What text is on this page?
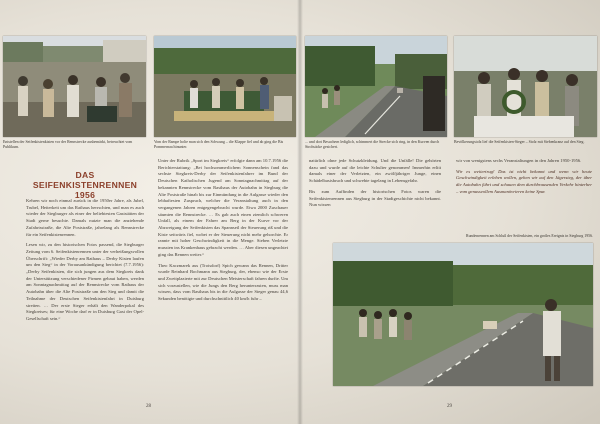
Entstellen der Seifenkistenkisten vor der Rennstrecke ausbemärkt, betreuchtet vom Publikum.
Vom der Rampe holte man sich den Schwung – die Klappe fiel und ab ging die Bis Pommernaa hinunter.
... und dort Besuchern lediglich, schimmert die Strecke sich ring, in den Kurven durch Strohsäcke gesichert.
Bevölkerungstolz lief die Seifenkisten-Sieger – Stolz mit Siebenkranz auf den Sieg.
Rundenrennen am Schluß der Seifenkisten, ein großes Ereignis in Siegburg 1956.
DAS SEIFENKISTENRENNEN
1956

Kehren wir noch einmal zurück in die 1950er Jahre, als Jubel, Trubel, Heiterkeit um das Rathaus herrschten, und man es auch wieder der Siegburger als einer der beliebtesten Gaststätten der Stadt gerne besuchte. Damals nutzte man die anziehende Zufahrtsstraße, die Alte Poststraße, jahrelang als Rennstrecke für ein Seifenkistenrennen.

Lesen wir, zu den historischen Fotos passend, die Siegburger Zeitung vom 6. Seifenkistenrennen unter der verheißungsvollen Überschrift: „Wieder Derby am Rathaus – Derby Kisten laufen um den Sieg“ in der Vorausankündigung berichtet (7.7.1956): „Derby Seifenkisten, die sich jungen aus dem Siegkreis dank der Unterstützung verschiedener Firmen gebaut haben, werden am Sonntagnachmittag auf der Rennstrecke vom Rathaus der Autobahn über die Alte Poststraße um den Sieg und damit die Teilnahme der Deutschen Seifenkistenfahrt in Duisburg streiten. … Der erste Sieger erhält den Wanderpokal des Siegkreises; für eine Woche darf er in Duisburg Gast der Opel-Gesellschaft sein.“

Unter der Rubrik „Sport im Siegkreis“ erfolgte dann am 10.7.1956 die Berichterstattung: „Bei hochsommerlichem Sonnenschein fand das sechste Siegkreis-Derby der Seifenkistenfahrer im Bund der Deutschen Katholischen Jugend am Sonntagnachmittag auf der bekannten Rennstrecke vom Rasthaus der Autobahn in Siegburg die Alte Poststraße hinab bis zur Einmündung in die Aulgasse wieder den lebhaftesten Zuspruch, welcher die Veranstaltung auch in den vergangenen Jahren entgegengebracht wurde. Etwa 2000 Zuschauer säumten die Rennstrecke. … Es gab auch einen ziemlich schweren Unfall, als einem der Fahrer am Berg in der Kurve vor der Abzweigung der Seifenkisten das Spannseil der Steuerung riß und die Kiste seitwärts fiel, wobei er der Steuerung nicht mehr gehorchte. Er rannte mit hoher Geschwindigkeit in die Menge. Sieben Verletzte mussten ins Krankenhaus gebracht werden. … Aber diesen ungeachtet ging das Rennen weiter.“

Theo Kaczmarek aus (Troisdorf) Spich gewann das Rennen, Dritter wurde Reinhard Bochmann aus Siegburg, der, ebenso wie der Erste und Zweitplazierte mit zur Deutschen Meisterschaft fahren durfte. Um sich vorzustellen, wie die Jungs den Berg herunterrasten, muss man wissen, dass vom Rasthaus bis in die Aulgasse der Sieger genau 44,6 Sekunden benötigte und durchschnittlich 40 km/h fuhr –

natürlich ohne jede Schutzkleidung. Und die Unfälle! Die gehörten dazu und wurde auf die leichte Schulter genommen! Immerhin erlitt damals einer der Verletzten, ein zwölfjähriger Junge, einen Schädelbasisbruch und schwebte tagelang in Lebensgefahr.

Bis zum Auffinden der historischen Fotos waren die Seifenkistenrennen aus Siegburg in der Stadtgeschichte nicht bekannt. Nun wissen

wir von wenigstens sechs Veranstaltungen in den Jahren 1950-1956.

Wir es weitertrug! Das ist nicht bekannt und wenn wir heute Geschwindigkeit erleben wollen, gehen wir auf den Jägersteg, der über die Autobahn führt und schauen dem durchbrausenden Verkehr hinterher – vom genussvollem Ausmanövrieren keine Spur.

28	29
